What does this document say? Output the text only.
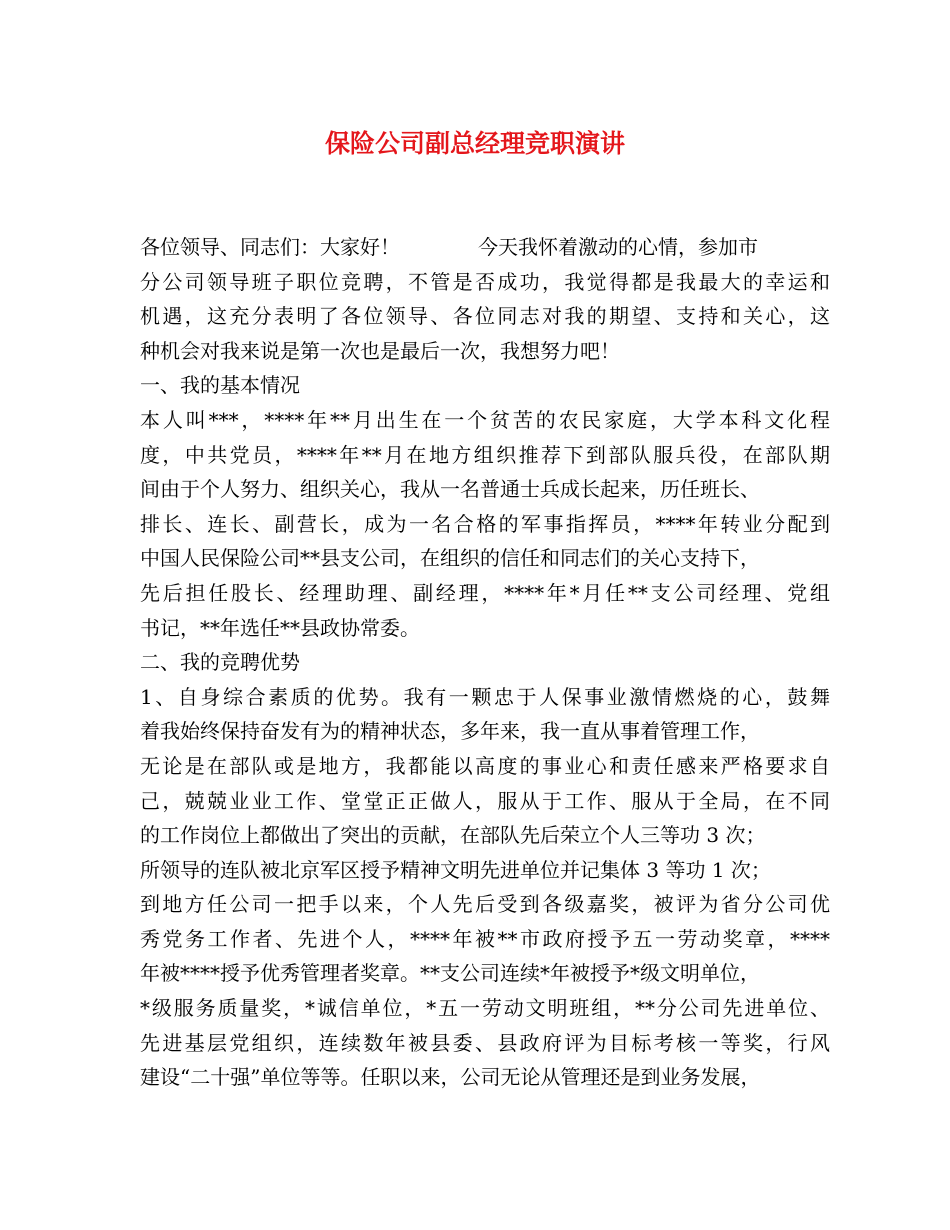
保险公司副总经理竞职演讲
各位领导、同志们：大家好！	今天我怀着激动的心情，参加市
分公司领导班子职位竞聘，不管是否成功，我觉得都是我最大的幸运和
机遇，这充分表明了各位领导、各位同志对我的期望、支持和关心，这
种机会对我来说是第一次也是最后一次，我想努力吧！
一、我的基本情况
本人叫***，****年**月出生在一个贫苦的农民家庭，大学本科文化程
度，中共党员，****年**月在地方组织推荐下到部队服兵役，在部队期
间由于个人努力、组织关心，我从一名普通士兵成长起来，历任班长、
排长、连长、副营长，成为一名合格的军事指挥员，****年转业分配到
中国人民保险公司**县支公司，在组织的信任和同志们的关心支持下，
先后担任股长、经理助理、副经理，****年*月任**支公司经理、党组
书记，**年选任**县政协常委。
二、我的竞聘优势
1、自身综合素质的优势。我有一颗忠于人保事业激情燃烧的心，鼓舞
着我始终保持奋发有为的精神状态，多年来，我一直从事着管理工作，
无论是在部队或是地方，我都能以高度的事业心和责任感来严格要求自
己，兢兢业业工作、堂堂正正做人，服从于工作、服从于全局，在不同
的工作岗位上都做出了突出的贡献，在部队先后荣立个人三等功 3 次；
所领导的连队被北京军区授予精神文明先进单位并记集体 3 等功 1 次；
到地方任公司一把手以来，个人先后受到各级嘉奖，被评为省分公司优
秀党务工作者、先进个人，****年被**市政府授予五一劳动奖章，****
年被****授予优秀管理者奖章。**支公司连续*年被授予*级文明单位，
*级服务质量奖，*诚信单位，*五一劳动文明班组，**分公司先进单位、
先进基层党组织，连续数年被县委、县政府评为目标考核一等奖，行风
建设“二十强”单位等等。任职以来，公司无论从管理还是到业务发展，
